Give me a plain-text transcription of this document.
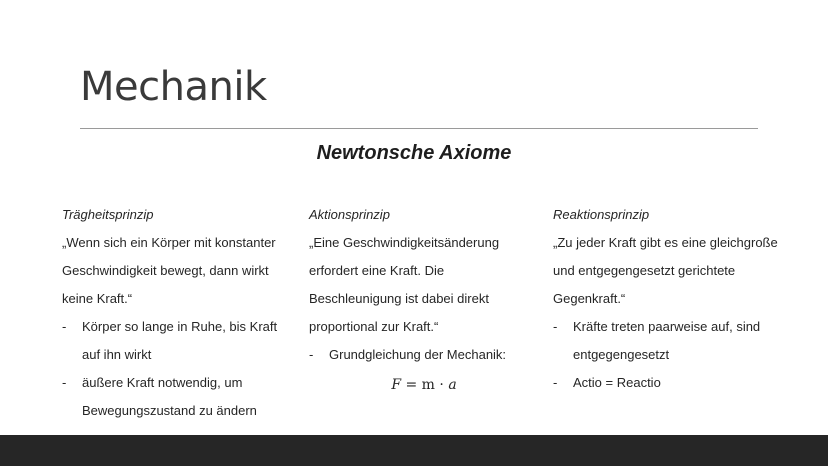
Mechanik
Newtonsche Axiome
Trägheitsprinzip

„Wenn sich ein Körper mit konstanter Geschwindigkeit bewegt, dann wirkt keine Kraft.“

- Körper so lange in Ruhe, bis Kraft auf ihn wirkt
- äußere Kraft notwendig, um Bewegungszustand zu ändern
Aktionsprinzip

„Eine Geschwindigkeitsänderung erfordert eine Kraft. Die Beschleunigung ist dabei direkt proportional zur Kraft.“

- Grundgleichung der Mechanik:
F = m · a
Reaktionsprinzip

„Zu jeder Kraft gibt es eine gleichgroße und entgegengesetzt gerichtete Gegenkraft.“

- Kräfte treten paarweise auf, sind entgegengesetzt
- Actio = Reactio
